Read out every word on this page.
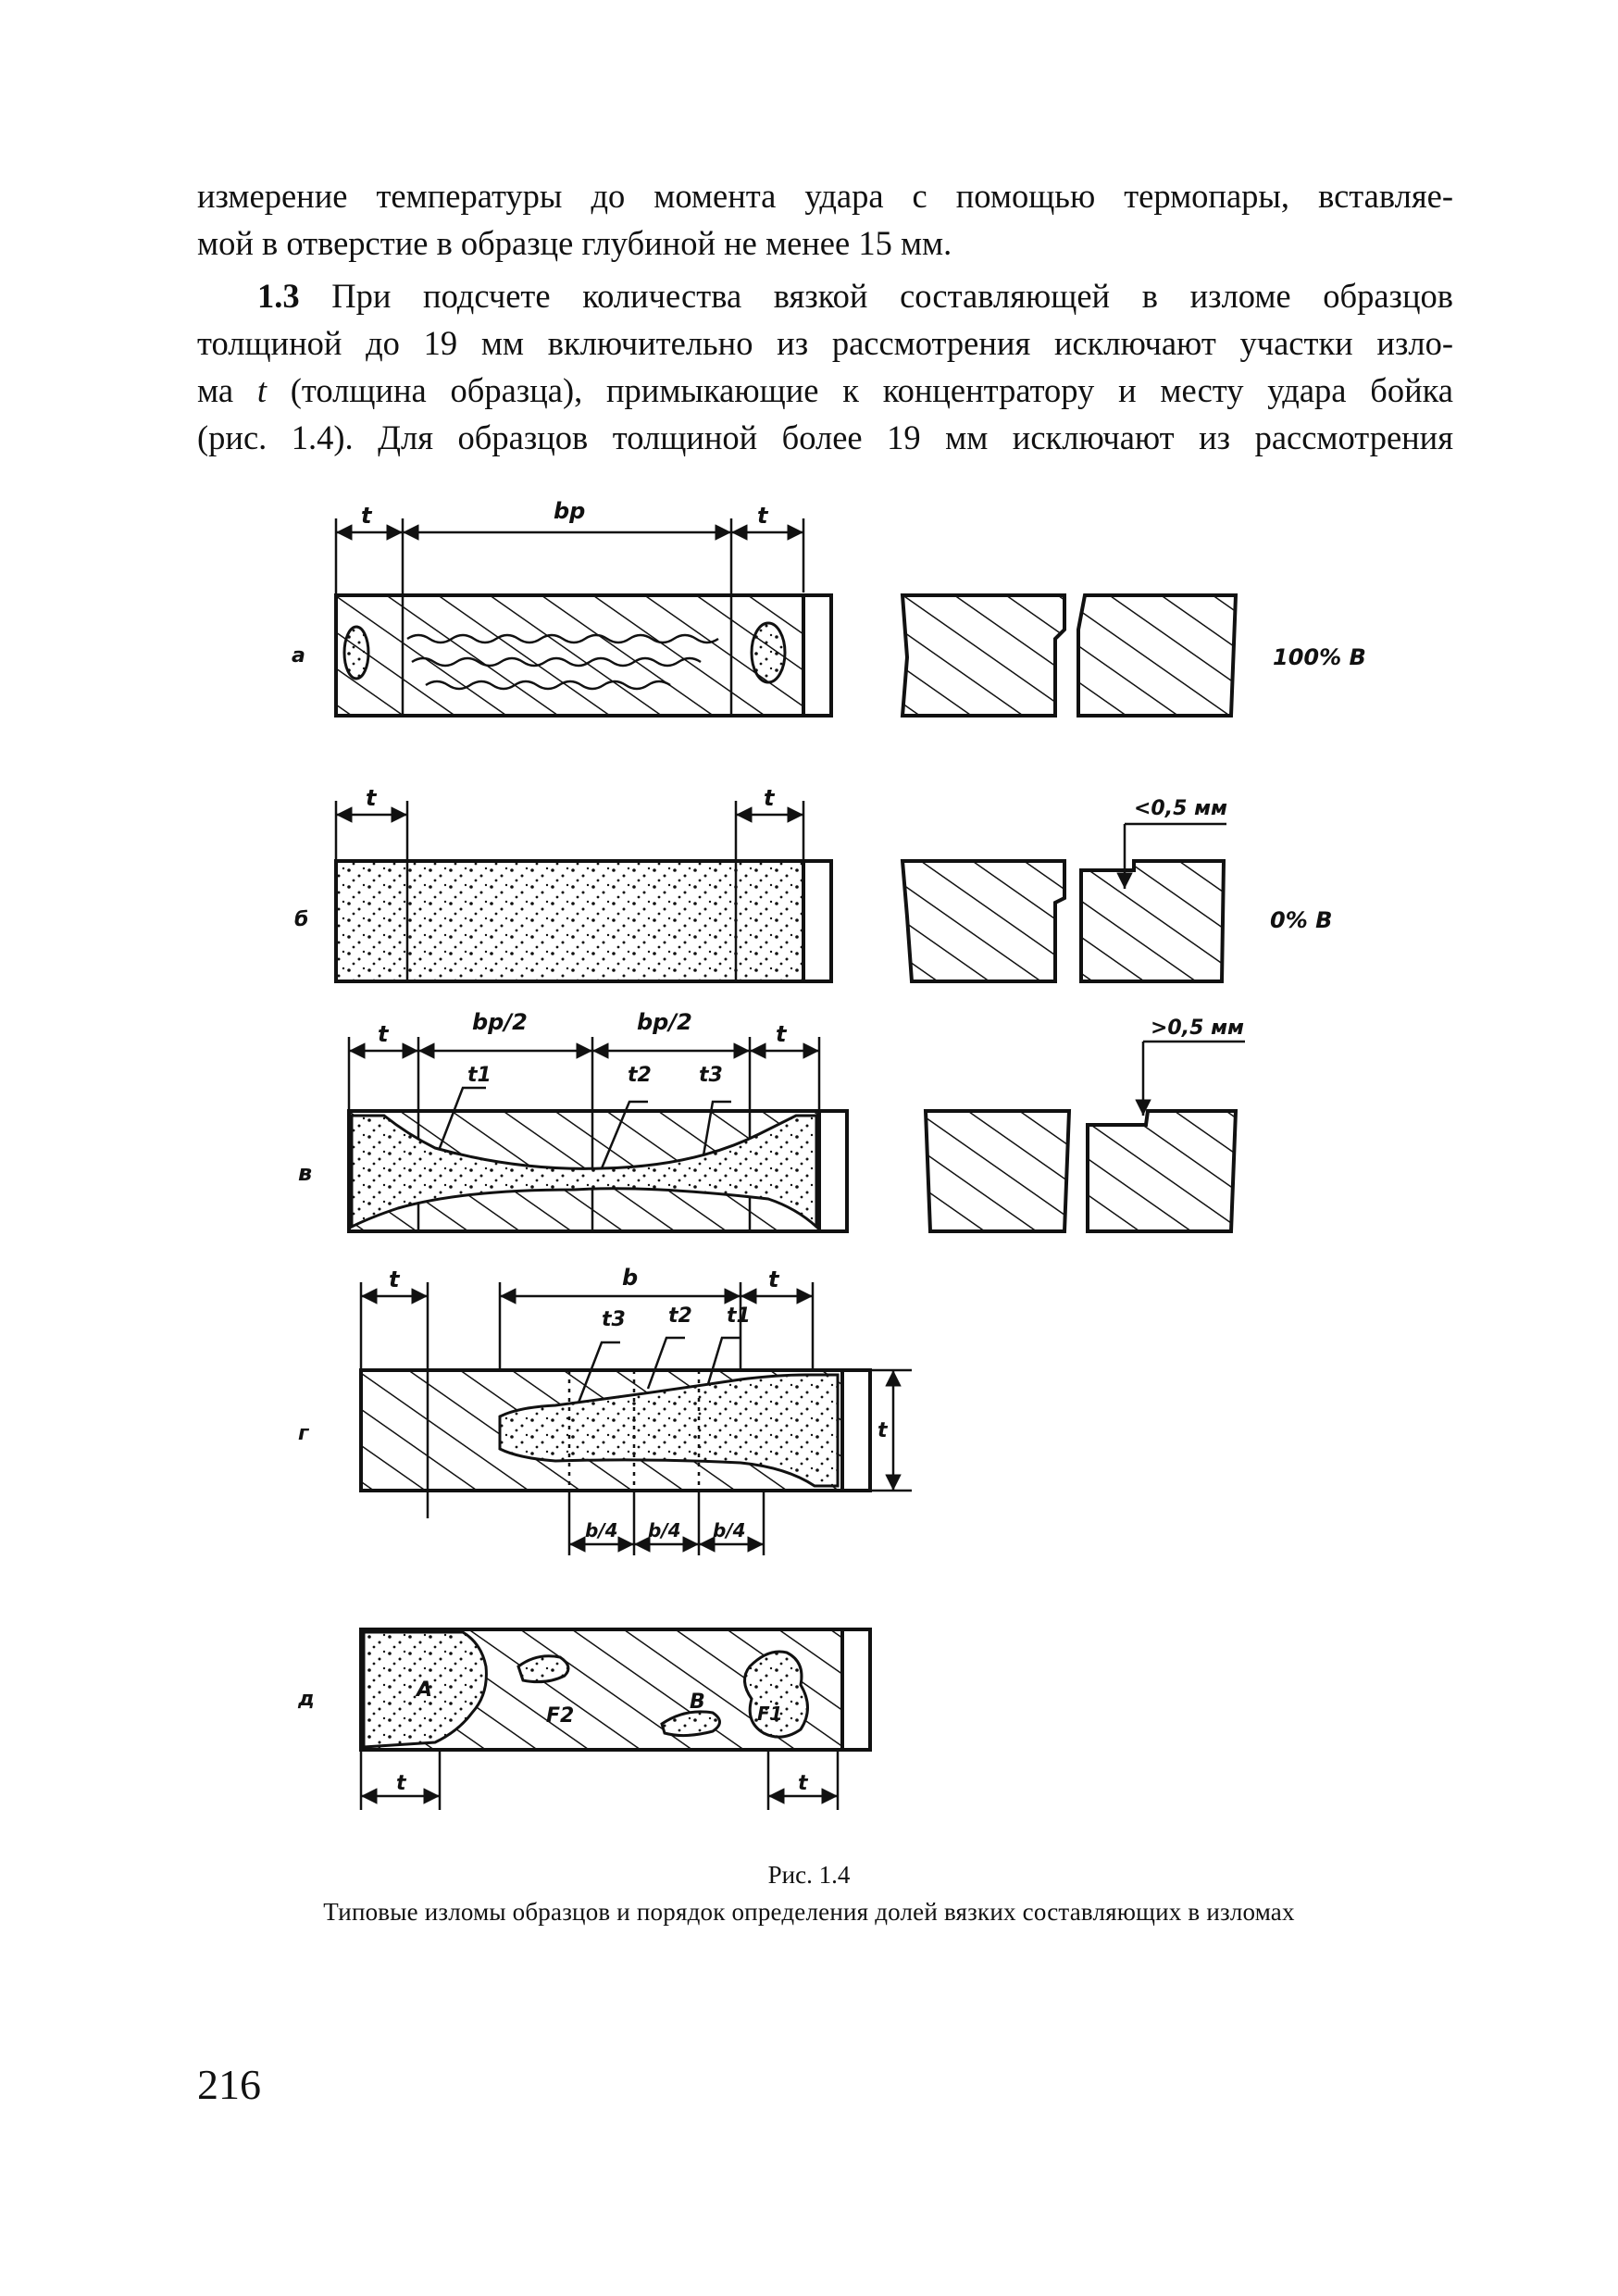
измерение температуры до момента удара с помощью термопары, вставляе-
мой в отверстие в образце глубиной не менее 15 мм.
1.3 При подсчете количества вязкой составляющей в изломе образцов
толщиной до 19 мм включительно из рассмотрения исключают участки изло-
ма t (толщина образца), примыкающие к концентратору и месту удара бойка
(рис. 1.4). Для образцов толщиной более 19 мм исключают из рассмотрения
а
t	bр	t
100% В
б
t	t	<0,5 мм
0% В
в
t	bр/2	bр/2	t
t1	t2 t3
>0,5 мм
г
t	b	t
t3 t2 t1
t
b/4 b/4 b/4
д	А
F2
В	F1
t	t
Рис. 1.4
Типовые изломы образцов и порядок определения долей вязких составляющих в изломах
216
